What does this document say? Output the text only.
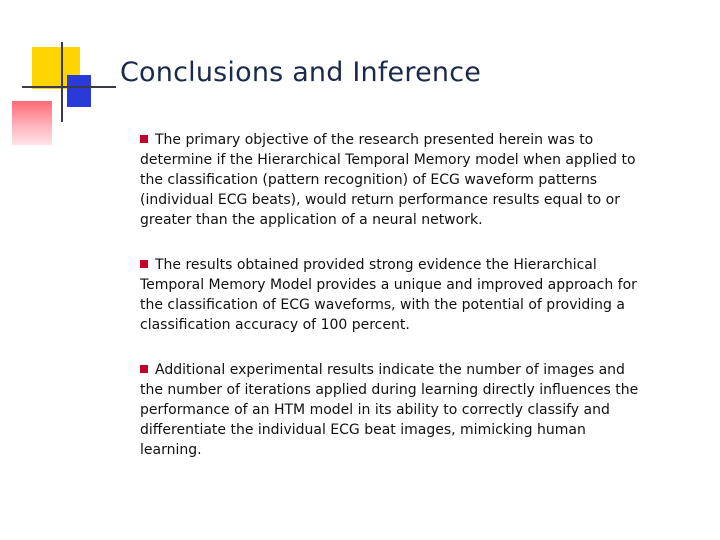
Conclusions and Inference

The primary objective of the research presented herein was to determine if the Hierarchical Temporal Memory model when applied to the classification (pattern recognition) of ECG waveform patterns (individual ECG beats), would return performance results equal to or greater than the application of a neural network.

The results obtained provided strong evidence the Hierarchical Temporal Memory Model provides a unique and improved approach for the classification of ECG waveforms, with the potential of providing a classification accuracy of 100 percent.

Additional experimental results indicate the number of images and the number of iterations applied during learning directly influences the performance of an HTM model in its ability to correctly classify and differentiate the individual ECG beat images, mimicking human learning.
